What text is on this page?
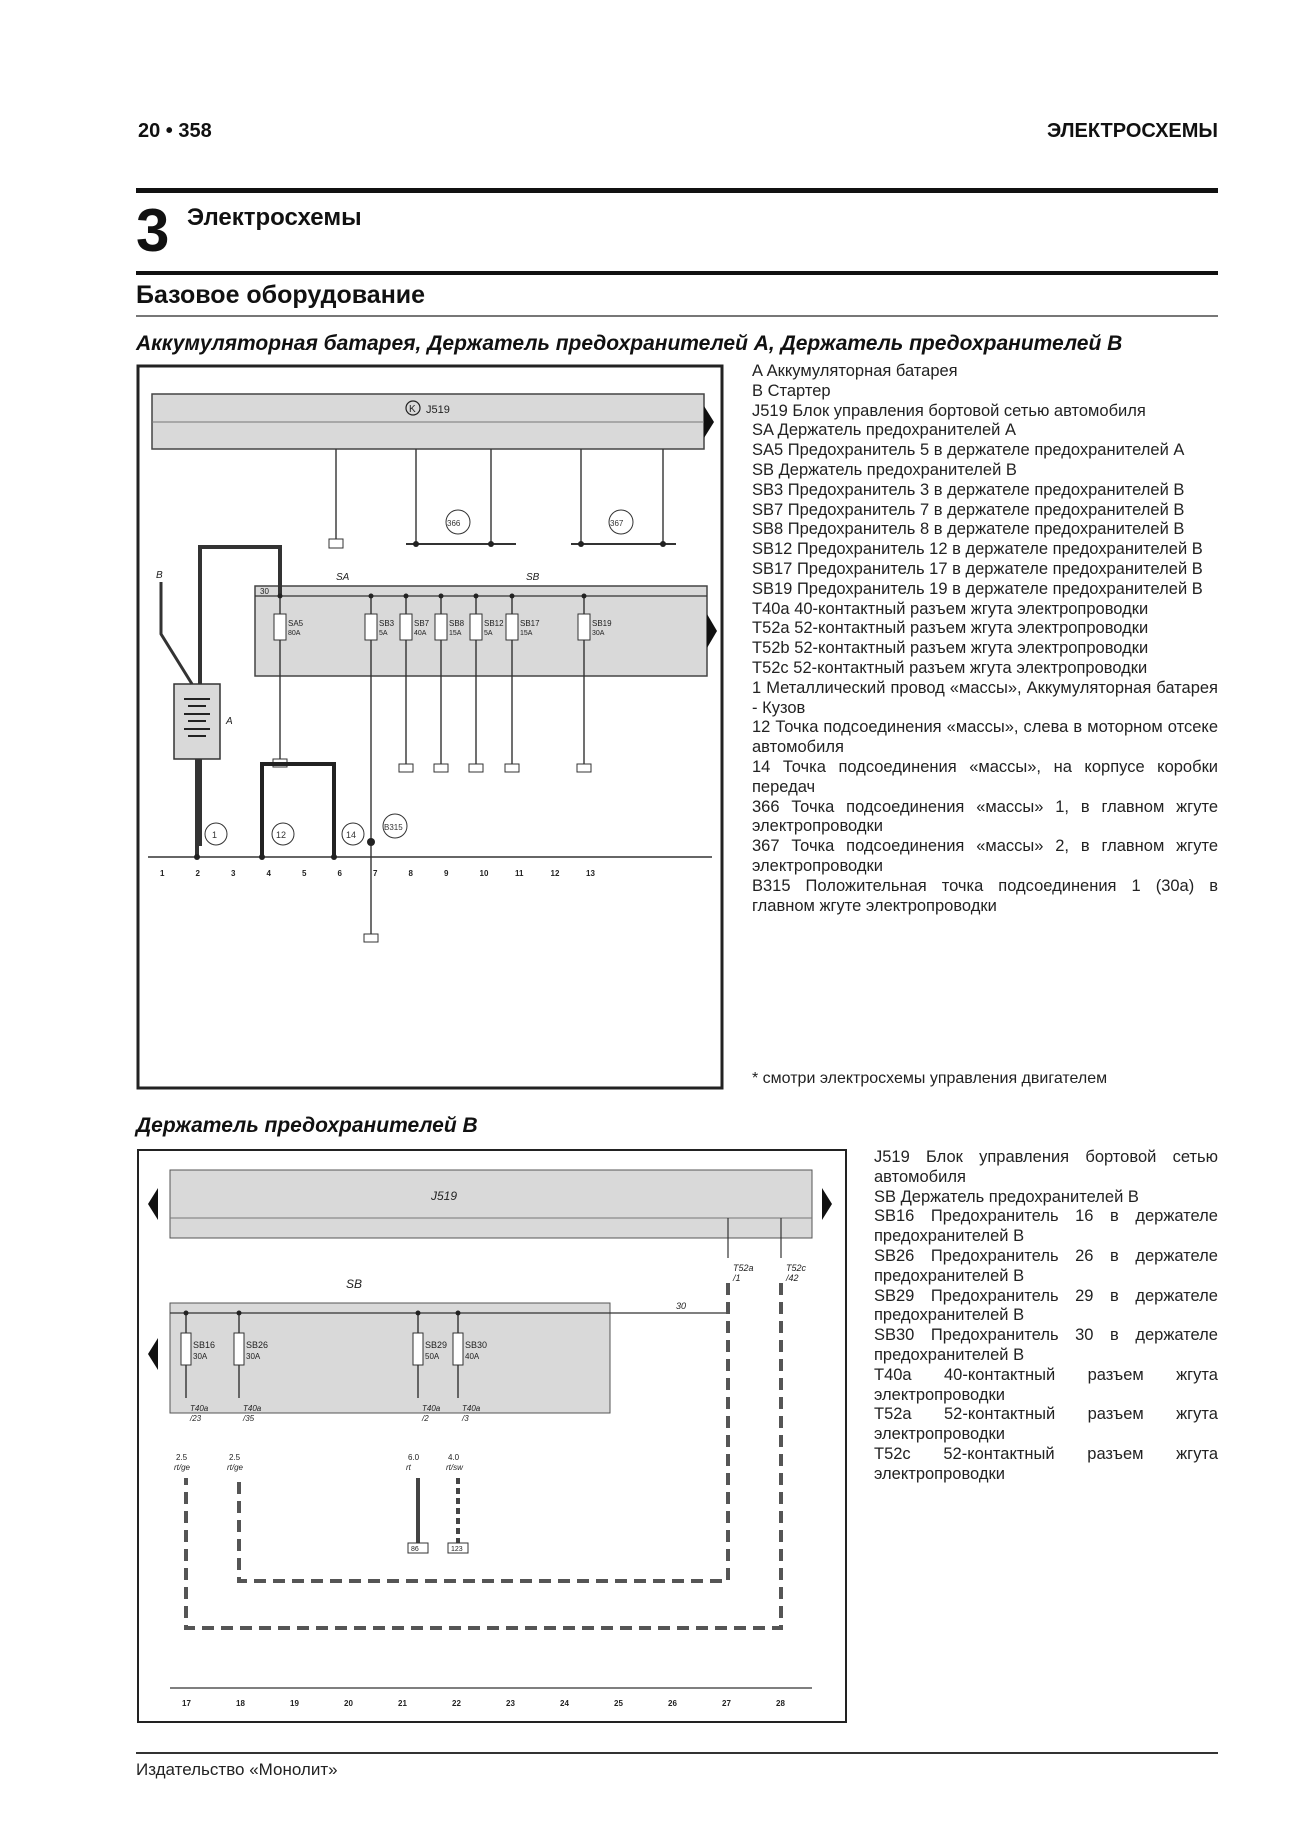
20 • 358	ЭЛЕКТРОСХЕМЫ
3 Электросхемы
Базовое оборудование
Аккумуляторная батарея, Держатель предохранителей А, Держатель предохранителей В
K J519
366	367
30
SA	SB
B315
SA5
80A
SB3
5A
SB7
40A
SB8
15A
SB12
5A
SB17
15A
SB19
30A
A
B
1	12	14
1	2	3	4	5	6	7	8	9	10	11	12	13
A Аккумуляторная батарея
B Стартер
J519 Блок управления бортовой сетью автомобиля
SA Держатель предохранителей А
SA5 Предохранитель 5 в держателе предохранителей А
SB Держатель предохранителей В
SB3 Предохранитель 3 в держателе предохранителей В
SB7 Предохранитель 7 в держателе предохранителей В
SB8 Предохранитель 8 в держателе предохранителей В
SB12 Предохранитель 12 в держателе предохранителей В
SB17 Предохранитель 17 в держателе предохранителей В
SB19 Предохранитель 19 в держателе предохранителей В
T40a 40-контактный разъем жгута электропроводки
T52a 52-контактный разъем жгута электропроводки
T52b 52-контактный разъем жгута электропроводки
T52c 52-контактный разъем жгута электропроводки
1 Металлический провод «массы», Аккумуляторная батарея - Кузов
12 Точка подсоединения «массы», слева в моторном отсеке автомобиля
14 Точка подсоединения «массы», на корпусе коробки передач
366 Точка подсоединения «массы» 1, в главном жгуте электропроводки
367 Точка подсоединения «массы» 2, в главном жгуте электропроводки
B315 Положительная точка подсоединения 1 (30a) в главном жгуте электропроводки
* смотри электросхемы управления двигателем
Держатель предохранителей В
J519
T52a
/1
T52c
/42
30
SB
SB16
30A
T40a
/23
2.5
rt/ge
SB26
30A
T40a
/35
2.5
rt/ge
SB29
50A
T40a
/2
6.0
rt
86
SB30
40A
T40a
/3
4.0
rt/sw
123
17	18	19	20	21	22	23	24	25	26	27	28
J519 Блок управления бортовой сетью автомобиля
SB Держатель предохранителей В
SB16 Предохранитель 16 в держателе предохранителей В
SB26 Предохранитель 26 в держателе предохранителей В
SB29 Предохранитель 29 в держателе предохранителей В
SB30 Предохранитель 30 в держателе предохранителей В
T40a 40-контактный разъем жгута электропроводки
T52a 52-контактный разъем жгута электропроводки
T52c 52-контактный разъем жгута электропроводки
Издательство «Монолит»
